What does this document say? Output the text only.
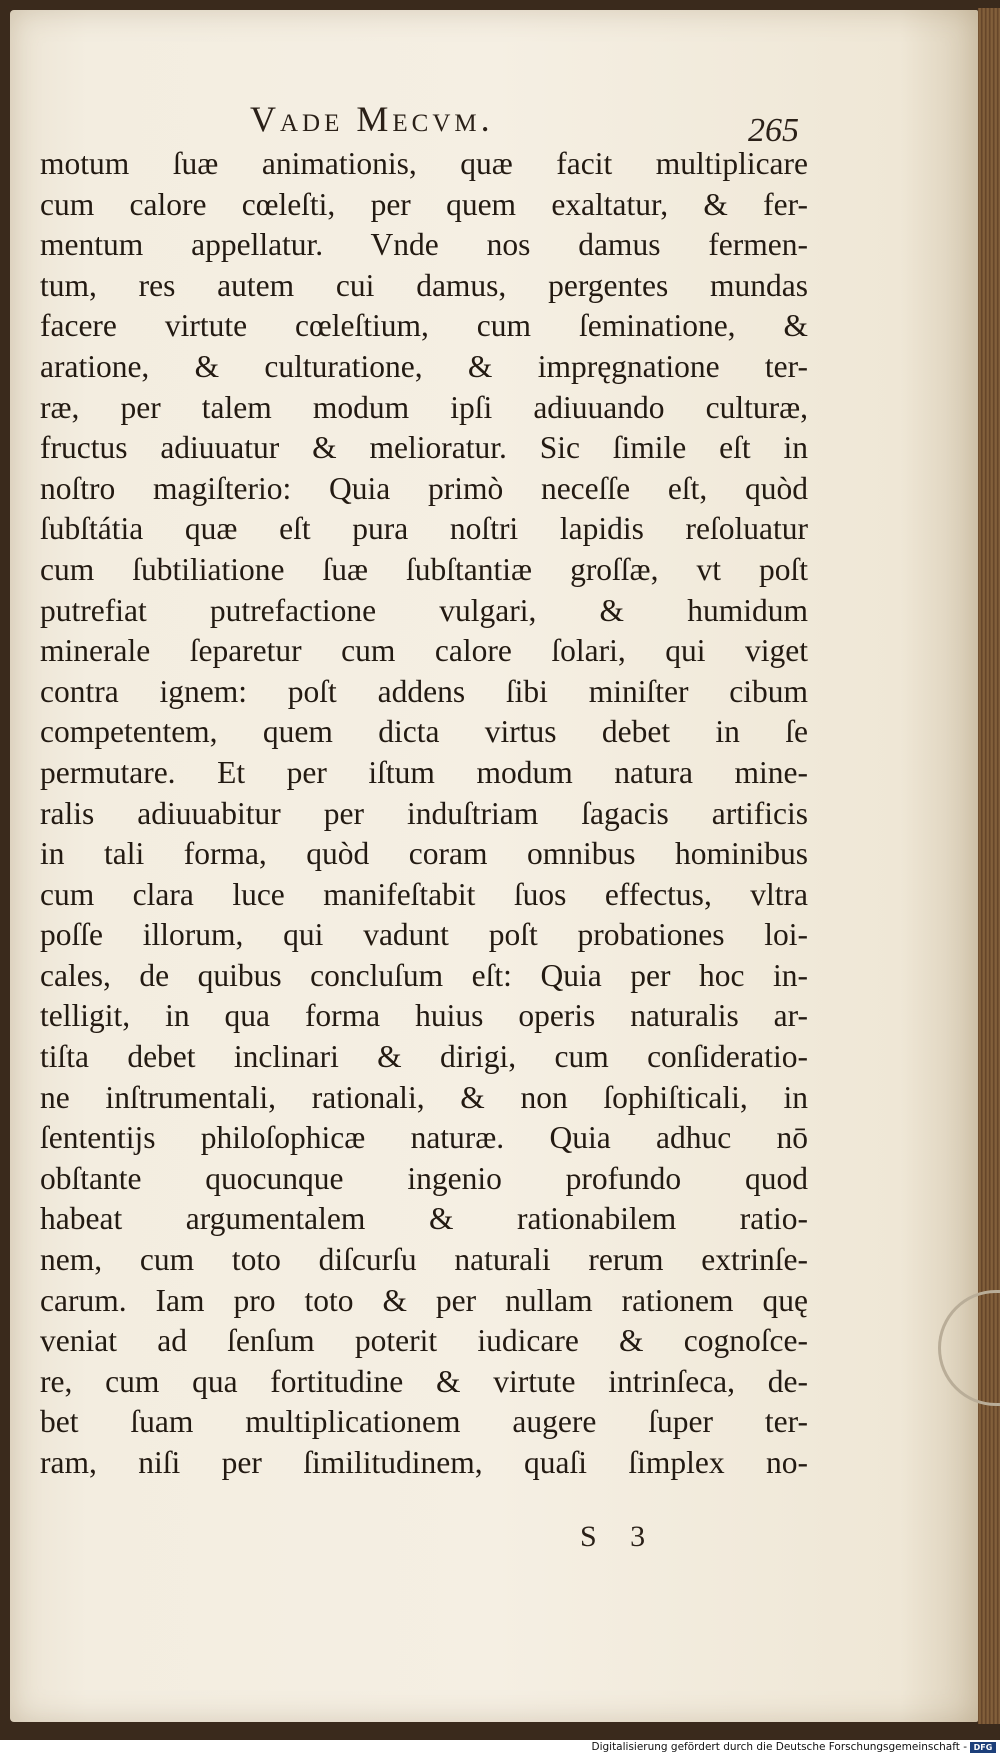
Vade Mecvm.	265
motum ſuæ animationis, quæ facit multiplicare
cum calore cœleſti, per quem exaltatur, & fer-
mentum appellatur. Vnde nos damus fermen-
tum, res autem cui damus, pergentes mundas
facere virtute cœleſtium, cum ſeminatione, &
aratione, & culturatione, & impręgnatione ter-
ræ, per talem modum ipſi adiuuando culturæ,
fructus adiuuatur & melioratur. Sic ſimile eſt in
noſtro magiſterio: Quia primò neceſſe eſt, quòd
ſubſtátia quæ eſt pura noſtri lapidis reſoluatur
cum ſubtiliatione ſuæ ſubſtantiæ groſſæ, vt poſt
putrefiat putrefactione vulgari, & humidum
minerale ſeparetur cum calore ſolari, qui viget
contra ignem: poſt addens ſibi miniſter cibum
competentem, quem dicta virtus debet in ſe
permutare. Et per iſtum modum natura mine-
ralis adiuuabitur per induſtriam ſagacis artificis
in tali forma, quòd coram omnibus hominibus
cum clara luce manifeſtabit ſuos effectus, vltra
poſſe illorum, qui vadunt poſt probationes loi-
cales, de quibus concluſum eſt: Quia per hoc in-
telligit, in qua forma huius operis naturalis ar-
tiſta debet inclinari & dirigi, cum conſideratio-
ne inſtrumentali, rationali, & non ſophiſticali, in
ſententijs philoſophicæ naturæ. Quia adhuc nō
obſtante quocunque ingenio profundo quod
habeat argumentalem & rationabilem ratio-
nem, cum toto diſcurſu naturali rerum extrinſe-
carum. Iam pro toto & per nullam rationem quę
veniat ad ſenſum poterit iudicare & cognoſce-
re, cum qua fortitudine & virtute intrinſeca, de-
bet ſuam multiplicationem augere ſuper ter-
ram, niſi per ſimilitudinem, quaſi ſimplex no-
S 3
Digitalisierung gefördert durch die Deutsche Forschungsgemeinschaft - DFG
